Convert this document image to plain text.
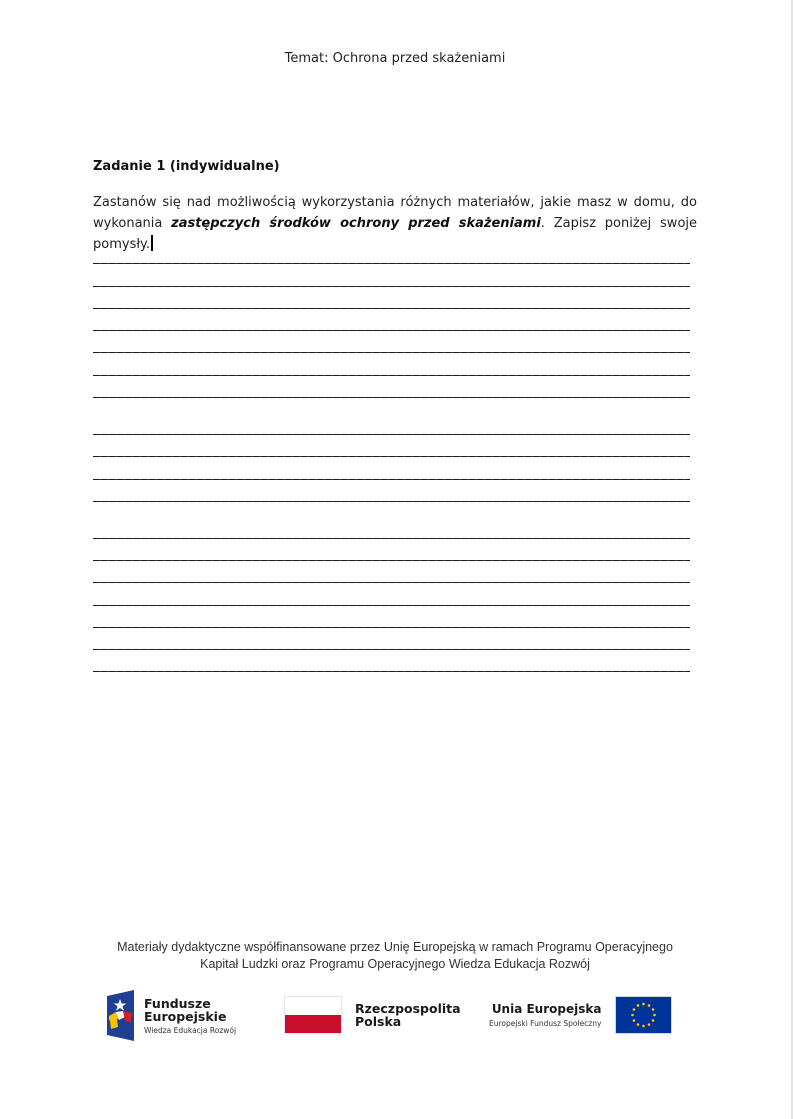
Temat: Ochrona przed skażeniami
Zadanie 1 (indywidualne)
Zastanów się nad możliwością wykorzystania różnych materiałów, jakie masz w domu, do wykonania zastępczych środków ochrony przed skażeniami. Zapisz poniżej swoje pomysły.
Materiały dydaktyczne współfinansowane przez Unię Europejską w ramach Programu Operacyjnego
Kapitał Ludzki oraz Programu Operacyjnego Wiedza Edukacja Rozwój
Fundusze
Europejskie
Wiedza Edukacja Rozwój
Rzeczpospolita
Polska
Unia Europejska
Europejski Fundusz Społeczny
